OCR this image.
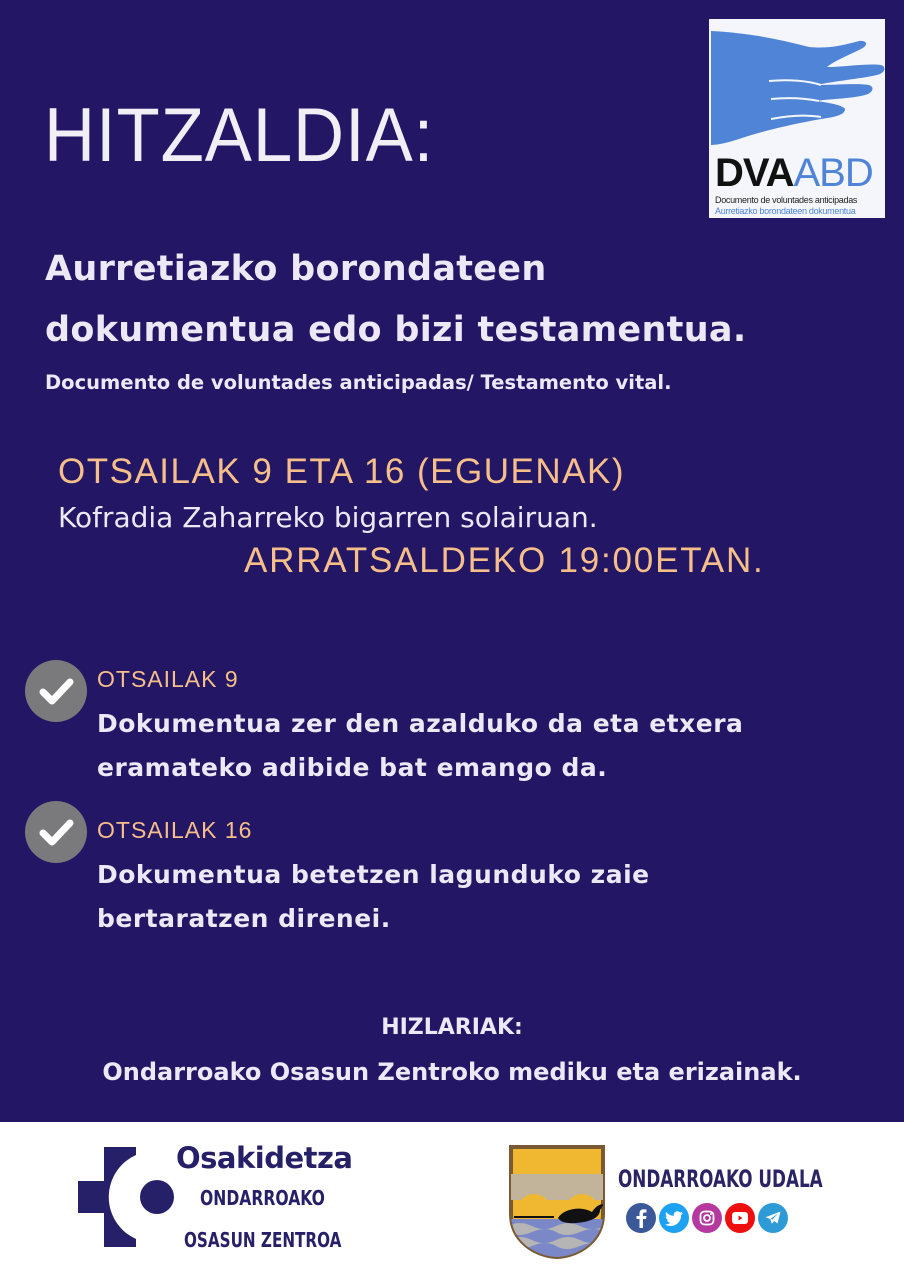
HITZALDIA:	DVAABD
Documento de voluntades anticipadas
Aurretiazko borondateen dokumentua
Aurretiazko borondateen
dokumentua edo bizi testamentua.
Documento de voluntades anticipadas/ Testamento vital.
OTSAILAK 9 ETA 16 (EGUENAK)
Kofradia Zaharreko bigarren solairuan.
ARRATSALDEKO 19:00ETAN.
OTSAILAK 9
Dokumentua zer den azalduko da eta etxera
eramateko adibide bat emango da.
OTSAILAK 16
Dokumentua betetzen lagunduko zaie
bertaratzen direnei.
HIZLARIAK:
Ondarroako Osasun Zentroko mediku eta erizainak.
Osakidetza
ONDARROAKO
OSASUN ZENTROA
ONDARROAKO UDALA
